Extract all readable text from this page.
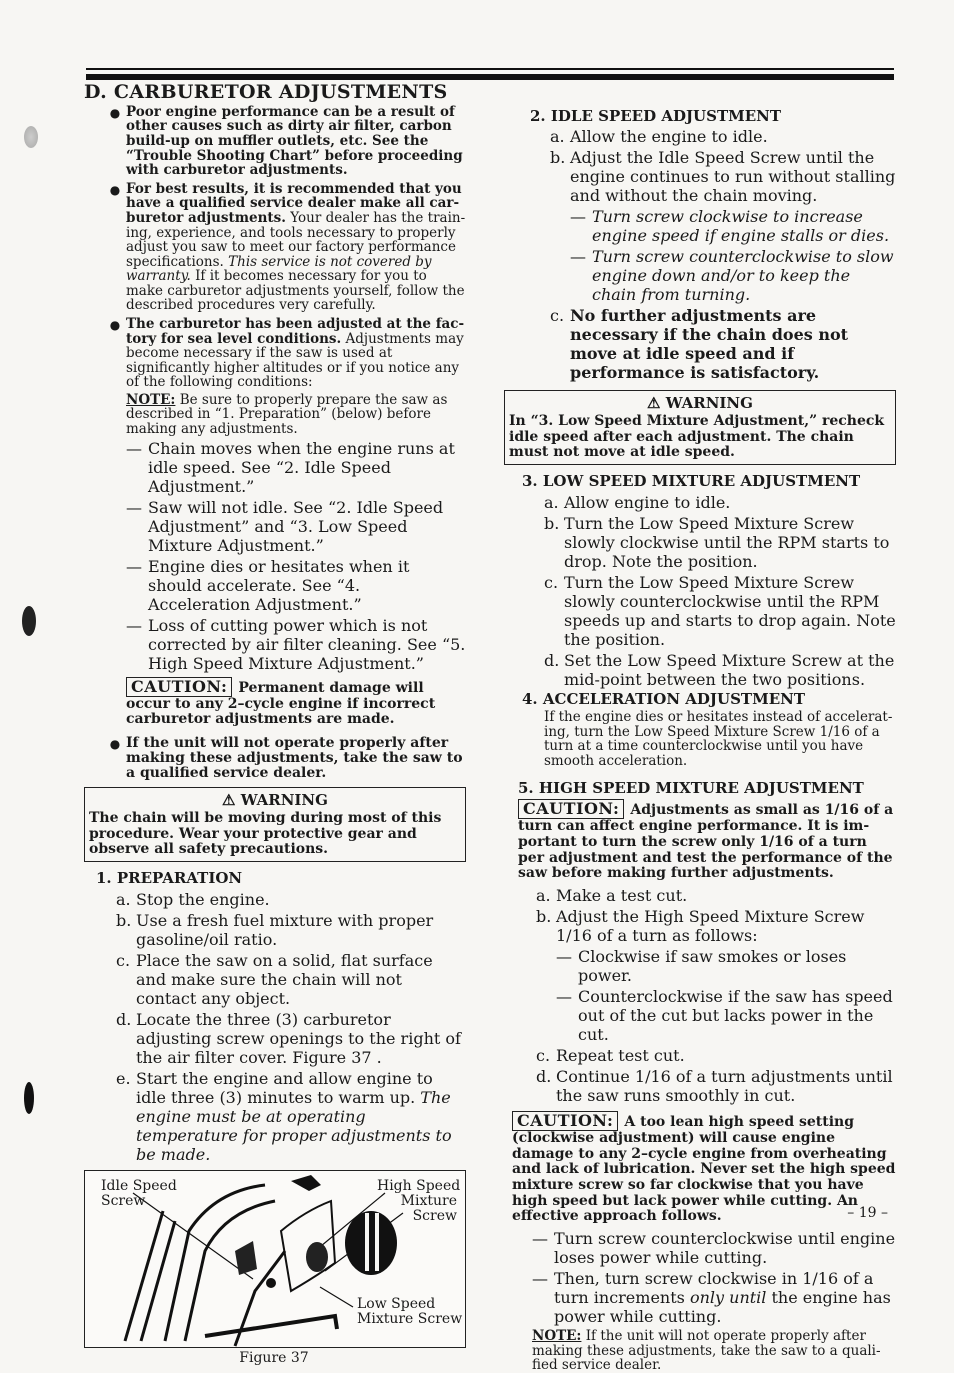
D. CARBURETOR ADJUSTMENTS
● Poor engine performance can be a result of other causes such as dirty air filter, carbon build-up on muffler outlets, etc. See the “Trouble Shooting Chart” before proceeding with carburetor adjustments.

● For best results, it is recommended that you have a qualified service dealer make all carburetor adjustments. Your dealer has the training, experience, and tools necessary to properly adjust you saw to meet our factory performance specifications. This service is not covered by warranty. If it becomes necessary for you to make carburetor adjustments yourself, follow the described procedures very carefully.

● The carburetor has been adjusted at the factory for sea level conditions. Adjustments may become necessary if the saw is used at significantly higher altitudes or if you notice any of the following conditions:

NOTE: Be sure to properly prepare the saw as described in “1. Preparation” (below) before making any adjustments.

— Chain moves when the engine runs at idle speed. See “2. Idle Speed Adjustment.”
— Saw will not idle. See “2. Idle Speed Adjustment” and “3. Low Speed Mixture Adjustment.”
— Engine dies or hesitates when it should accelerate. See “4. Acceleration Adjustment.”
— Loss of cutting power which is not corrected by air filter cleaning. See “5. High Speed Mixture Adjustment.”

CAUTION: Permanent damage will occur to any 2–cycle engine if incorrect carburetor adjustments are made.

● If the unit will not operate properly after making these adjustments, take the saw to a qualified service dealer.

⚠ WARNING
The chain will be moving during most of this procedure. Wear your protective gear and observe all safety precautions.
1. PREPARATION
a. Stop the engine.
b. Use a fresh fuel mixture with proper gasoline/oil ratio.
c. Place the saw on a solid, flat surface and make sure the chain will not contact any object.
d. Locate the three (3) carburetor adjusting screw openings to the right of the air filter cover. Figure 37 .
e. Start the engine and allow engine to idle three (3) minutes to warm up. The engine must be at operating temperature for proper adjustments to be made.
Idle Speed
Screw
High Speed
Mixture
Screw
Low Speed
Mixture Screw
Figure 37
2. IDLE SPEED ADJUSTMENT
a. Allow the engine to idle.
b. Adjust the Idle Speed Screw until the engine continues to run without stalling and without the chain moving.
— Turn screw clockwise to increase engine speed if engine stalls or dies.
— Turn screw counterclockwise to slow engine down and/or to keep the chain from turning.
c. No further adjustments are necessary if the chain does not move at idle speed and if performance is satisfactory.
⚠ WARNING
In “3. Low Speed Mixture Adjustment,” recheck idle speed after each adjustment. The chain must not move at idle speed.
3. LOW SPEED MIXTURE ADJUSTMENT
a. Allow engine to idle.
b. Turn the Low Speed Mixture Screw slowly clockwise until the RPM starts to drop. Note the position.
c. Turn the Low Speed Mixture Screw slowly counterclockwise until the RPM speeds up and starts to drop again. Note the position.
d. Set the Low Speed Mixture Screw at the mid-point between the two positions.
4. ACCELERATION ADJUSTMENT

If the engine dies or hesitates instead of accelerating, turn the Low Speed Mixture Screw 1/16 of a turn at a time counterclockwise until you have smooth acceleration.

5. HIGH SPEED MIXTURE ADJUSTMENT

CAUTION: Adjustments as small as 1/16 of a turn can affect engine performance. It is important to turn the screw only 1/16 of a turn per adjustment and test the performance of the saw before making further adjustments.

a. Make a test cut.
b. Adjust the High Speed Mixture Screw 1/16 of a turn as follows:
— Clockwise if saw smokes or loses power.
— Counterclockwise if the saw has speed out of the cut but lacks power in the cut.
c. Repeat test cut.
d. Continue 1/16 of a turn adjustments until the saw runs smoothly in cut.

CAUTION: A too lean high speed setting (clockwise adjustment) will cause engine damage to any 2–cycle engine from overheating and lack of lubrication. Never set the high speed mixture screw so far clockwise that you have high speed but lack power while cutting. An effective approach follows.

— Turn screw counterclockwise until engine loses power while cutting.
— Then, turn screw clockwise in 1/16 of a turn increments only until the engine has power while cutting.

NOTE: If the unit will not operate properly after making these adjustments, take the saw to a qualified service dealer.

– 19 –
